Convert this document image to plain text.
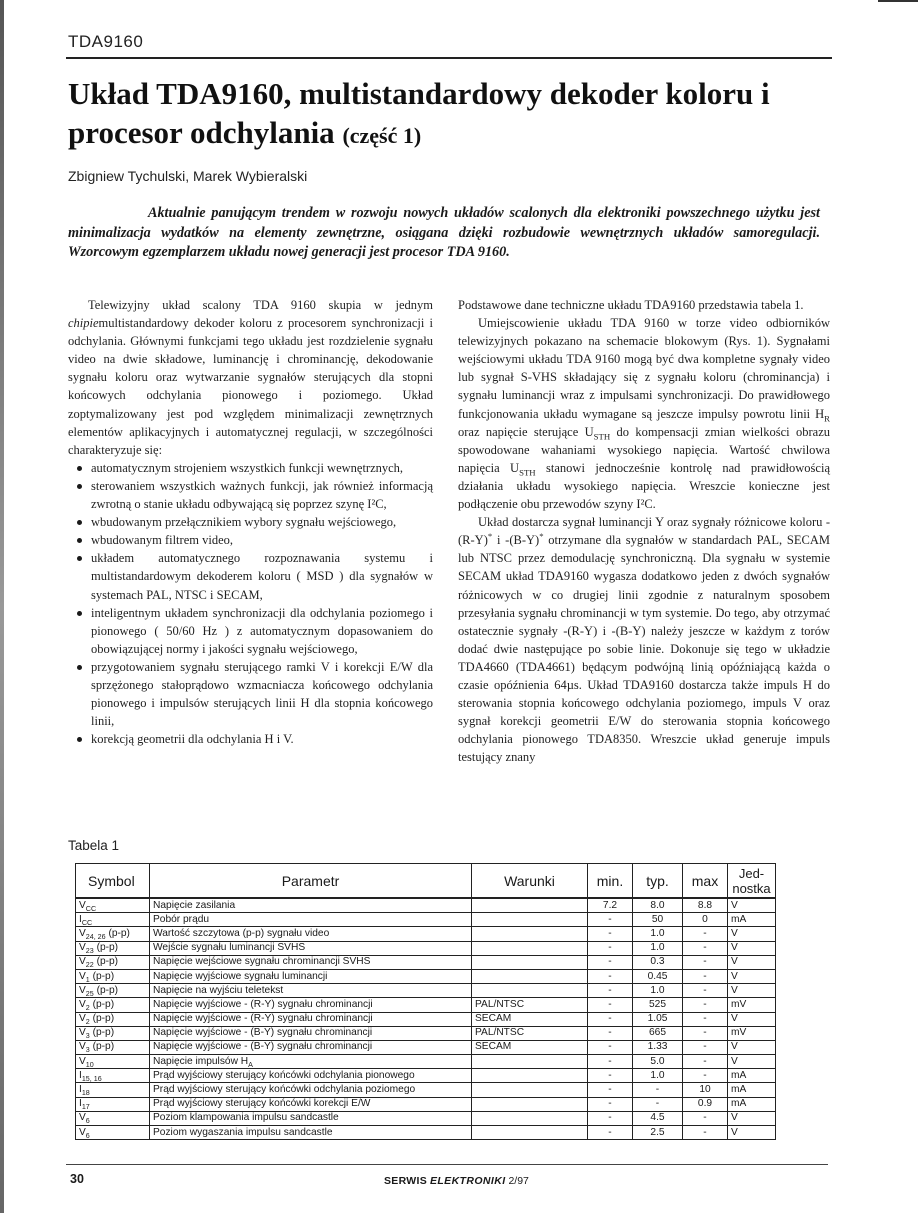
TDA9160
Układ TDA9160, multistandardowy dekoder koloru i procesor odchylania (część 1)
Zbigniew Tychulski, Marek Wybieralski

Aktualnie panującym trendem w rozwoju nowych układów scalonych dla elektroniki powszechnego użytku jest minimalizacja wydatków na elementy zewnętrzne, osiągana dzięki rozbudowie wewnętrznych układów samoregulacji. Wzorcowym egzemplarzem układu nowej generacji jest procesor TDA 9160.

Telewizyjny układ scalony TDA 9160 skupia w jednym chipiemultistandardowy dekoder koloru z procesorem synchronizacji i odchylania. Głównymi funkcjami tego układu jest rozdzielenie sygnału video na dwie składowe, luminancję i chrominancję, dekodowanie sygnału koloru oraz wytwarzanie sygnałów sterujących dla stopni końcowych odchylania pionowego i poziomego. Układ zoptymalizowany jest pod względem minimalizacji zewnętrznych elementów aplikacyjnych i automatycznej regulacji, w szczególności charakteryzuje się:

automatycznym strojeniem wszystkich funkcji wewnętrznych,
sterowaniem wszystkich ważnych funkcji, jak również informacją zwrotną o stanie układu odbywającą się poprzez szynę I²C,
wbudowanym przełącznikiem wybory sygnału wejściowego,
wbudowanym filtrem video,
układem automatycznego rozpoznawania systemu i multistandardowym dekoderem koloru ( MSD ) dla sygnałów w systemach PAL, NTSC i SECAM,
inteligentnym układem synchronizacji dla odchylania poziomego i pionowego ( 50/60 Hz ) z automatycznym dopasowaniem do obowiązującej normy i jakości sygnału wejściowego,
przygotowaniem sygnału sterującego ramki V i korekcji E/W dla sprzężonego stałoprądowo wzmacniacza końcowego odchylania pionowego i impulsów sterujących linii H dla stopnia końcowego linii,
korekcją geometrii dla odchylania H i V.

Podstawowe dane techniczne układu TDA9160 przedstawia tabela 1.

Umiejscowienie układu TDA 9160 w torze video odbiorników telewizyjnych pokazano na schemacie blokowym (Rys. 1). Sygnałami wejściowymi układu TDA 9160 mogą być dwa kompletne sygnały video lub sygnał S-VHS składający się z sygnału koloru (chrominancja) i sygnału luminancji wraz z impulsami synchronizacji. Do prawidłowego funkcjonowania układu wymagane są jeszcze impulsy powrotu linii $H_R$ oraz napięcie sterujące $U_{STH}$ do kompensacji zmian wielkości obrazu spowodowane wahaniami wysokiego napięcia. Wartość chwilowa napięcia $U_{STH}$ stanowi jednocześnie kontrolę nad prawidłowością działania układu wysokiego napięcia. Wreszcie konieczne jest podłączenie obu przewodów szyny I²C.

Układ dostarcza sygnał luminancji Y oraz sygnały różnicowe koloru -(R-Y)* i -(B-Y)* otrzymane dla sygnałów w standardach PAL, SECAM lub NTSC przez demodulację synchroniczną. Dla sygnału w systemie SECAM układ TDA9160 wygasza dodatkowo jeden z dwóch sygnałów różnicowych w co drugiej linii zgodnie z naturalnym sposobem przesyłania sygnału chrominancji w tym systemie. Do tego, aby otrzymać ostatecznie sygnały -(R-Y) i -(B-Y) należy jeszcze w każdym z torów dodać dwie następujące po sobie linie. Dokonuje się tego w układzie TDA4660 (TDA4661) będącym podwójną linią opóźniającą każda o czasie opóźnienia 64µs. Układ TDA9160 dostarcza także impuls H do sterowania stopnia końcowego odchylania poziomego, impuls V oraz sygnał korekcji geometrii E/W do sterowania stopnia końcowego odchylania pionowego TDA8350. Wreszcie układ generuje impuls testujący znany

Tabela 1
Symbol	Parametr	Warunki	min.	typ.	max	Jed-
nostka
$V_{CC}$	Napięcie zasilania		7.2	8.0	8.8	V
$I_{CC}$	Pobór prądu		-	50	0	mA
$V_{24, 26}$ (p-p)	Wartość szczytowa (p-p) sygnału video		-	1.0	-	V
$V_{23}$ (p-p)	Wejście sygnału luminancji SVHS		-	1.0	-	V
$V_{22}$ (p-p)	Napięcie wejściowe sygnału chrominancji SVHS		-	0.3	-	V
$V_1$ (p-p)	Napięcie wyjściowe sygnału luminancji		-	0.45	-	V
$V_{25}$ (p-p)	Napięcie na wyjściu teletekst		-	1.0	-	V
$V_2$ (p-p)	Napięcie wyjściowe - (R-Y) sygnału chrominancji	PAL/NTSC	-	525	-	mV
$V_2$ (p-p)	Napięcie wyjściowe - (R-Y) sygnału chrominancji	SECAM	-	1.05	-	V
$V_3$ (p-p)	Napięcie wyjściowe - (B-Y) sygnału chrominancji	PAL/NTSC	-	665	-	mV
$V_3$ (p-p)	Napięcie wyjściowe - (B-Y) sygnału chrominancji	SECAM	-	1.33	-	V
$V_{10}$	Napięcie impulsów $H_A$		-	5.0	-	V
$I_{15, 16}$	Prąd wyjściowy sterujący końcówki odchylania pionowego		-	1.0	-	mA
$I_{18}$	Prąd wyjściowy sterujący końcówki odchylania poziomego		-	-	10	mA
$I_{17}$	Prąd wyjściowy sterujący końcówki korekcji E/W		-	-	0.9	mA
$V_6$	Poziom klampowania impulsu sandcastle		-	4.5	-	V
$V_6$	Poziom wygaszania impulsu sandcastle		-	2.5	-	V
30	SERWIS ELEKTRONIKI 2/97
